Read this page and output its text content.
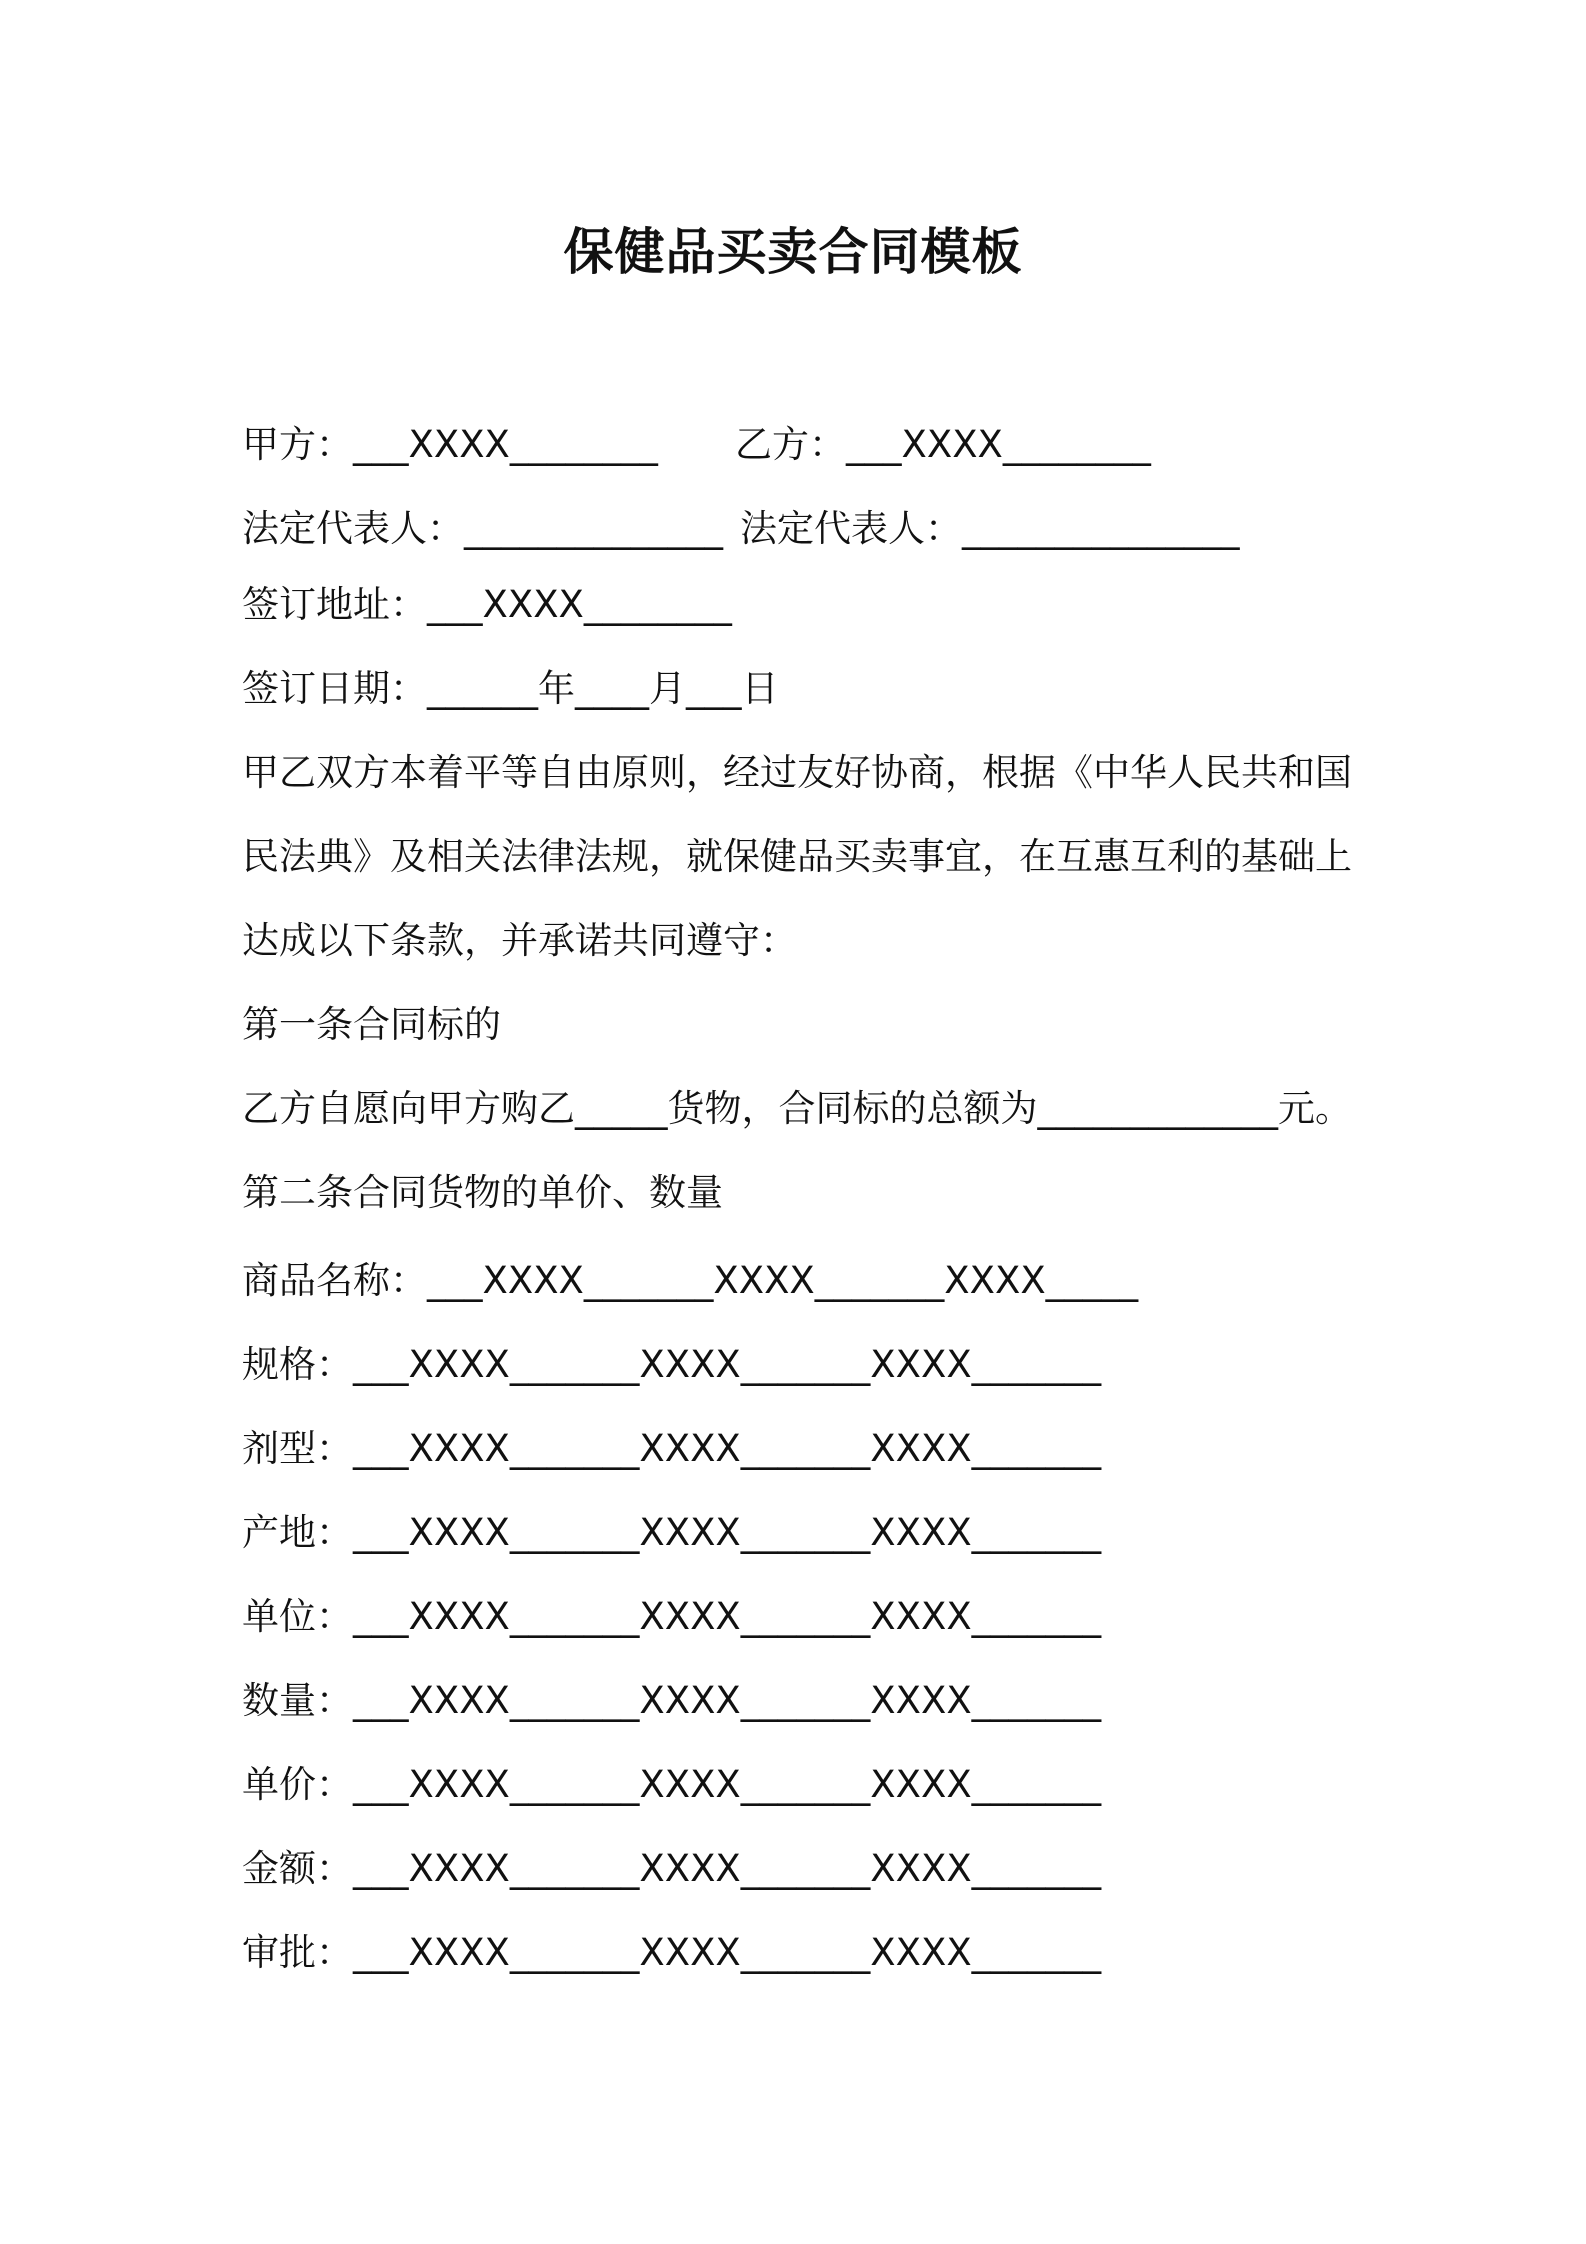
保健品买卖合同模板
甲方：___XXXX________ 乙方：___XXXX________
法定代表人：______________ 法定代表人：_______________
签订地址：___XXXX________
签订日期：______年____月___日
甲乙双方本着平等自由原则，经过友好协商，根据《中华人民共和国
民法典》及相关法律法规，就保健品买卖事宜，在互惠互利的基础上
达成以下条款，并承诺共同遵守：
第一条合同标的
乙方自愿向甲方购乙_____货物，合同标的总额为_____________元。
第二条合同货物的单价、数量
商品名称：___XXXX_______XXXX_______XXXX_____
规格：___XXXX_______XXXX_______XXXX_______
剂型：___XXXX_______XXXX_______XXXX_______
产地：___XXXX_______XXXX_______XXXX_______
单位：___XXXX_______XXXX_______XXXX_______
数量：___XXXX_______XXXX_______XXXX_______
单价：___XXXX_______XXXX_______XXXX_______
金额：___XXXX_______XXXX_______XXXX_______
审批：___XXXX_______XXXX_______XXXX_______
